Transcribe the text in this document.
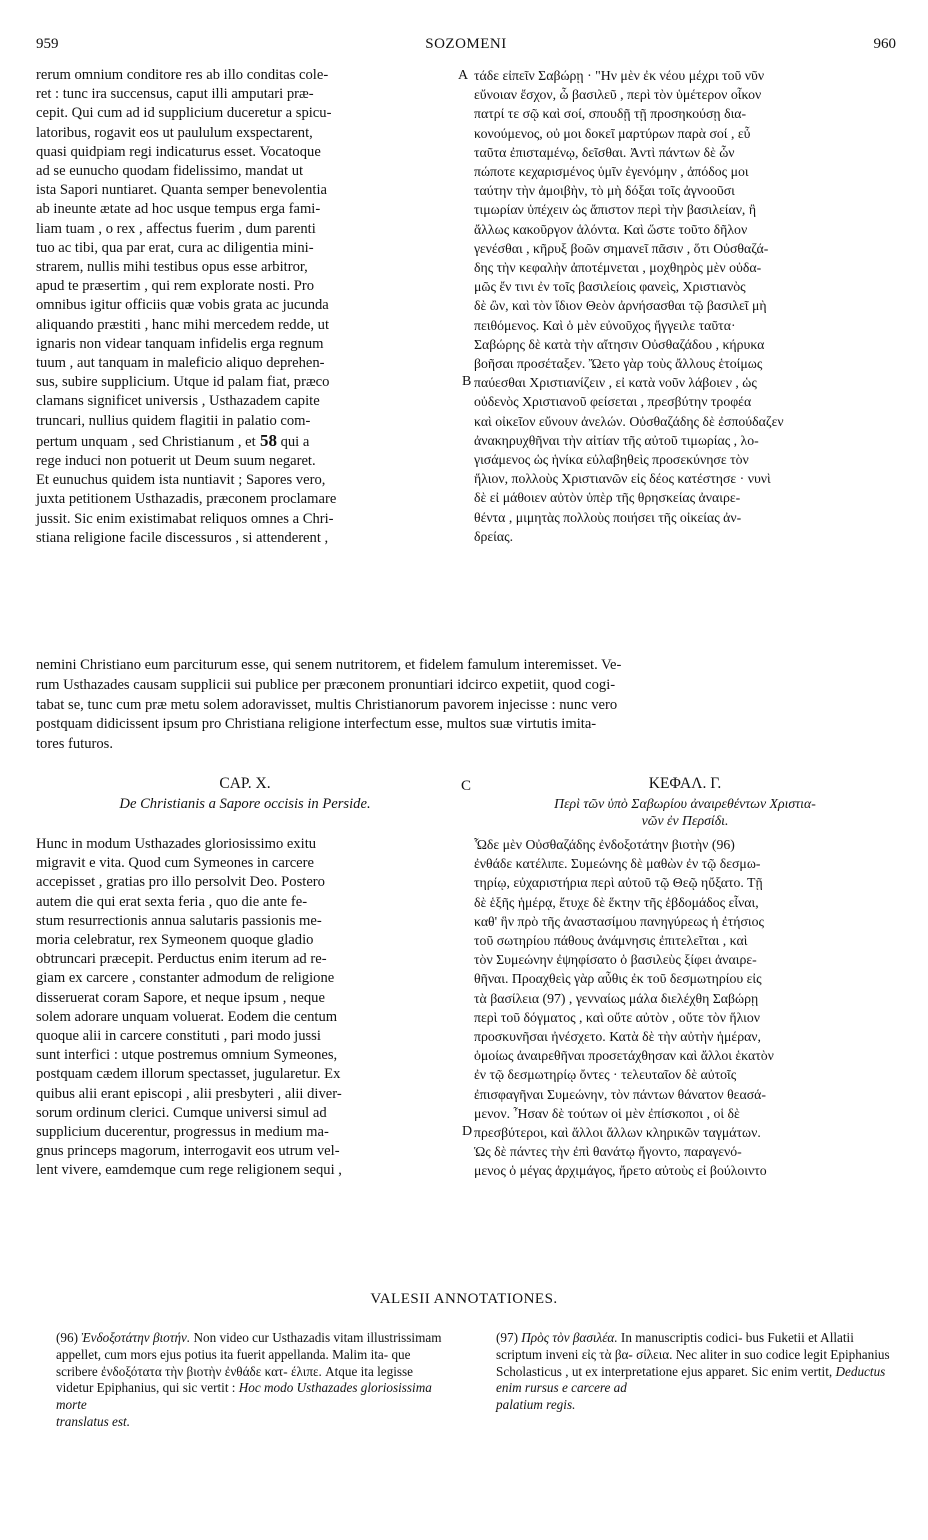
959	SOZOMENI	960
A
B
C
D
rerum omnium conditore res ab illo conditas cole-
ret : tunc ira succensus, caput illi amputari præ-
cepit. Qui cum ad id supplicium duceretur a spicu-
latoribus, rogavit eos ut paululum exspectarent,
quasi quidpiam regi indicaturus esset. Vocatoque
ad se eunucho quodam fidelissimo, mandat ut
ista Sapori nuntiaret. Quanta semper benevolentia
ab ineunte ætate ad hoc usque tempus erga fami-
liam tuam , o rex , affectus fuerim , dum parenti
tuo ac tibi, qua par erat, cura ac diligentia mini-
strarem, nullis mihi testibus opus esse arbitror,
apud te præsertim , qui rem explorate nosti. Pro
omnibus igitur officiis quæ vobis grata ac jucunda
aliquando præstiti , hanc mihi mercedem redde, ut
ignaris non videar tanquam infidelis erga regnum
tuum , aut tanquam in maleficio aliquo deprehen-
sus, subire supplicium. Utque id palam fiat, præco
clamans significet universis , Usthazadem capite
truncari, nullius quidem flagitii in palatio com-
pertum unquam , sed Christianum , et 58 qui a
rege induci non potuerit ut Deum suum negaret.
Et eunuchus quidem ista nuntiavit ; Sapores vero,
juxta petitionem Usthazadis, præconem proclamare
jussit. Sic enim existimabat reliquos omnes a Chri-
stiana religione facile discessuros , si attenderent ,
τάδε εἰπεῖν Σαβώρῃ · "Ην μὲν ἐκ νέου μέχρι τοῦ νῦν
εὔνοιαν ἔσχον, ὦ βασιλεῦ , περὶ τὸν ὑμέτερον οἶκον
πατρί τε σῷ καὶ σοί, σπουδῇ τῇ προσηκούσῃ δια-
κονούμενος, οὐ μοι δοκεῖ μαρτύρων παρὰ σοί , εὖ
ταῦτα ἐπισταμένῳ, δεῖσθαι. Ἀντὶ πάντων δὲ ὧν
πώποτε κεχαρισμένος ὑμῖν ἐγενόμην , ἀπόδος μοι
ταύτην τὴν ἀμοιβὴν, τὸ μὴ δόξαι τοῖς ἀγνοοῦσι
τιμωρίαν ὑπέχειν ὡς ἄπιστον περὶ τὴν βασιλείαν, ἢ
ἄλλως κακοῦργον ἁλόντα. Καὶ ὥστε τοῦτο δῆλον
γενέσθαι , κῆρυξ βοῶν σημανεῖ πᾶσιν , ὅτι Οὐσθαζά-
δης τὴν κεφαλὴν ἀποτέμνεται , μοχθηρὸς μὲν οὐδα-
μῶς ἔν τινι ἐν τοῖς βασιλείοις φανεὶς, Χριστιανὸς
δὲ ὢν, καὶ τὸν ἴδιον Θεὸν ἀρνήσασθαι τῷ βασιλεῖ μὴ
πειθόμενος. Καὶ ὁ μὲν εὐνοῦχος ἤγγειλε ταῦτα·
Σαβώρης δὲ κατὰ τὴν αἴτησιν Οὐσθαζάδου , κήρυκα
βοῆσαι προσέταξεν. Ὤετο γὰρ τοὺς ἄλλους ἑτοίμως
παύεσθαι Χριστιανίζειν , εἰ κατὰ νοῦν λάβοιεν , ὡς
οὐδενὸς Χριστιανοῦ φείσεται , πρεσβύτην τροφέα
καὶ οἰκεῖον εὔνουν ἀνελών. Οὐσθαζάδης δὲ ἐσπούδαζεν
ἀνακηρυχθῆναι τὴν αἰτίαν τῆς αὐτοῦ τιμωρίας , λο-
γισάμενος ὡς ἡνίκα εὐλαβηθεὶς προσεκύνησε τὸν
ἥλιον, πολλοὺς Χριστιανῶν εἰς δέος κατέστησε · νυνὶ
δὲ εἰ μάθοιεν αὐτὸν ὑπὲρ τῆς θρησκείας ἀναιρε-
θέντα , μιμητὰς πολλοὺς ποιήσει τῆς οἰκείας ἀν-
δρείας.
nemini Christiano eum parciturum esse, qui senem nutritorem, et fidelem famulum interemisset. Ve-
rum Usthazades causam supplicii sui publice per præconem pronuntiari idcirco expetiit, quod cogi-
tabat se, tunc cum præ metu solem adoravisset, multis Christianorum pavorem injecisse : nunc vero
postquam didicissent ipsum pro Christiana religione interfectum esse, multos suæ virtutis imita-
tores futuros.
CAP. X.
De Christianis a Sapore occisis in Perside.
ΚΕΦΑΛ. Γ.
Περὶ τῶν ὑπὸ Σαβωρίου ἀναιρεθέντων Χριστια-
νῶν ἐν Περσίδι.
Hunc in modum Usthazades gloriosissimo exitu
migravit e vita. Quod cum Symeones in carcere
accepisset , gratias pro illo persolvit Deo. Postero
autem die qui erat sexta feria , quo die ante fe-
stum resurrectionis annua salutaris passionis me-
moria celebratur, rex Symeonem quoque gladio
obtruncari præcepit. Perductus enim iterum ad re-
giam ex carcere , constanter admodum de religione
disseruerat coram Sapore, et neque ipsum , neque
solem adorare unquam voluerat. Eodem die centum
quoque alii in carcere constituti , pari modo jussi
sunt interfici : utque postremus omnium Symeones,
postquam cædem illorum spectasset, jugularetur. Ex
quibus alii erant episcopi , alii presbyteri , alii diver-
sorum ordinum clerici. Cumque universi simul ad
supplicium ducerentur, progressus in medium ma-
gnus princeps magorum, interrogavit eos utrum vel-
lent vivere, eamdemque cum rege religionem sequi ,
Ὧδε μὲν Οὐσθαζάδης ἐνδοξοτάτην βιοτὴν (96)
ἐνθάδε κατέλιπε. Συμεώνης δὲ μαθὼν ἐν τῷ δεσμω-
τηρίῳ, εὐχαριστήρια περὶ αὐτοῦ τῷ Θεῷ ηὔξατο. Τῇ
δὲ ἑξῆς ἡμέρᾳ, ἔτυχε δὲ ἕκτην τῆς ἑβδομάδος εἶναι,
καθ' ἣν πρὸ τῆς ἀναστασίμου πανηγύρεως ἡ ἐτήσιος
τοῦ σωτηρίου πάθους ἀνάμνησις ἐπιτελεῖται , καὶ
τὸν Συμεώνην ἐψηφίσατο ὁ βασιλεὺς ξίφει ἀναιρε-
θῆναι. Προαχθεὶς γὰρ αὖθις ἐκ τοῦ δεσμωτηρίου εἰς
τὰ βασίλεια (97) , γενναίως μάλα διελέχθη Σαβώρῃ
περὶ τοῦ δόγματος , καὶ οὔτε αὐτὸν , οὔτε τὸν ἥλιον
προσκυνῆσαι ἠνέσχετο. Κατὰ δὲ τὴν αὐτὴν ἡμέραν,
ὁμοίως ἀναιρεθῆναι προσετάχθησαν καὶ ἄλλοι ἑκατὸν
ἐν τῷ δεσμωτηρίῳ ὄντες · τελευταῖον δὲ αὐτοῖς
ἐπισφαγῆναι Συμεώνην, τὸν πάντων θάνατον θεασά-
μενον. Ἦσαν δὲ τούτων οἱ μὲν ἐπίσκοποι , οἱ δὲ
πρεσβύτεροι, καὶ ἄλλοι ἄλλων κληρικῶν ταγμάτων.
Ὡς δὲ πάντες τὴν ἐπὶ θανάτῳ ἤγοντο, παραγενό-
μενος ὁ μέγας ἀρχιμάγος, ἤρετο αὐτοὺς εἰ βούλοιντο
VALESII ANNOTATIONES.
(96) Ἐνδοξοτάτην βιοτήν. Non video cur Usthazadis vitam illustrissimam appellet, cum mors ejus potius ita fuerit appellanda. Malim ita- que scribere ἐνδοξότατα τὴν βιοτὴν ἐνθάδε κατ- έλιπε. Atque ita legisse videtur Epiphanius, qui sic vertit : Hoc modo Usthazades gloriosissima morte
translatus est.
(97) Πρὸς τὸν βασιλέα. In manuscriptis codici- bus Fuketii et Allatii scriptum inveni εἰς τὰ βα- σίλεια. Nec aliter in suo codice legit Epiphanius Scholasticus , ut ex interpretatione ejus apparet. Sic enim vertit, Deductus enim rursus e carcere ad
palatium regis.
